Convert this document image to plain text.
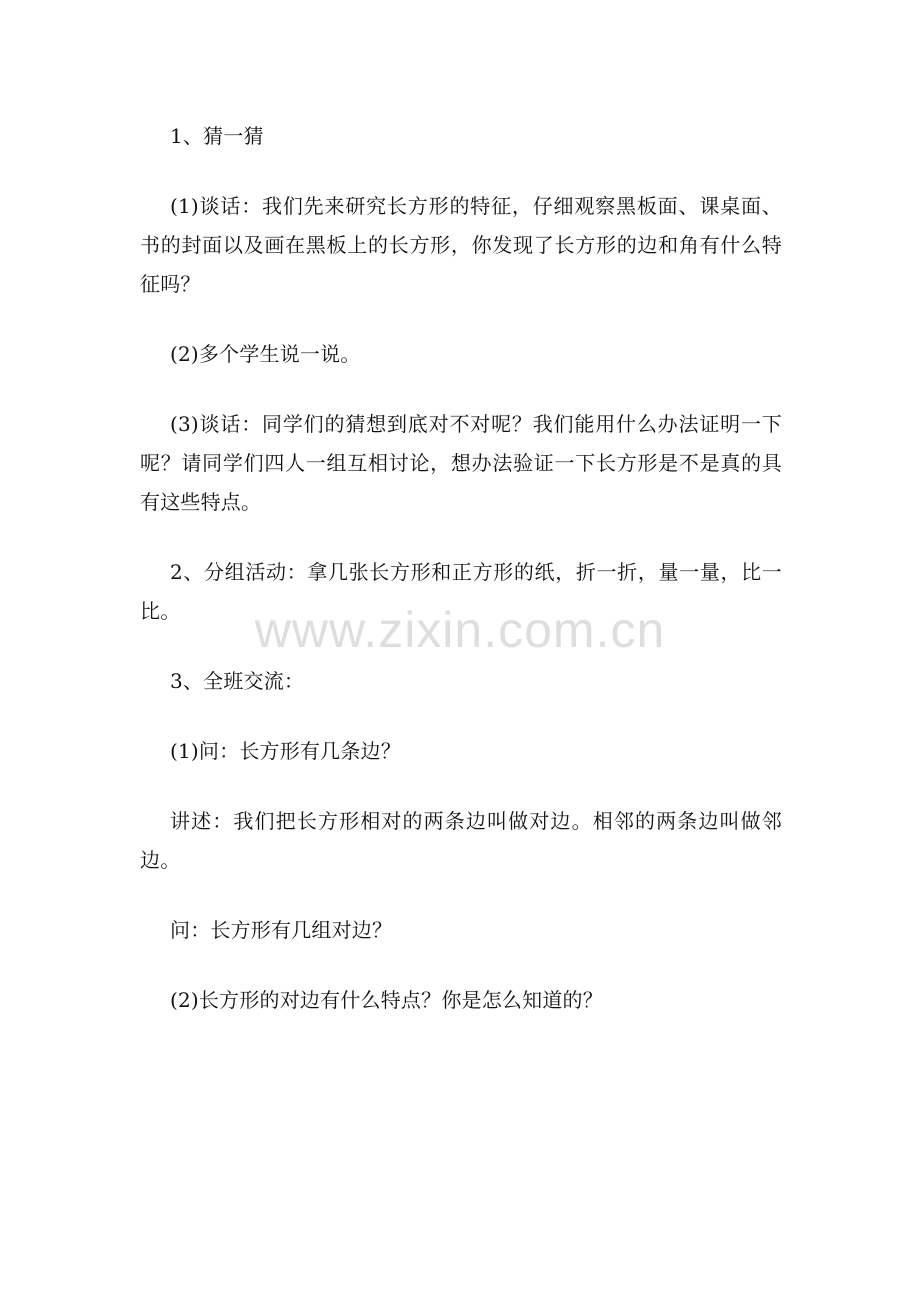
1、猜一猜

(1)谈话：我们先来研究长方形的特征，仔细观察黑板面、课桌面、书的封面以及画在黑板上的长方形，你发现了长方形的边和角有什么特征吗？

(2)多个学生说一说。

(3)谈话：同学们的猜想到底对不对呢？我们能用什么办法证明一下呢？请同学们四人一组互相讨论，想办法验证一下长方形是不是真的具有这些特点。

2、分组活动：拿几张长方形和正方形的纸，折一折，量一量，比一比。

3、全班交流：

(1)问：长方形有几条边？

讲述：我们把长方形相对的两条边叫做对边。相邻的两条边叫做邻边。

问：长方形有几组对边？

(2)长方形的对边有什么特点？你是怎么知道的？

www.zixin.com.cn
